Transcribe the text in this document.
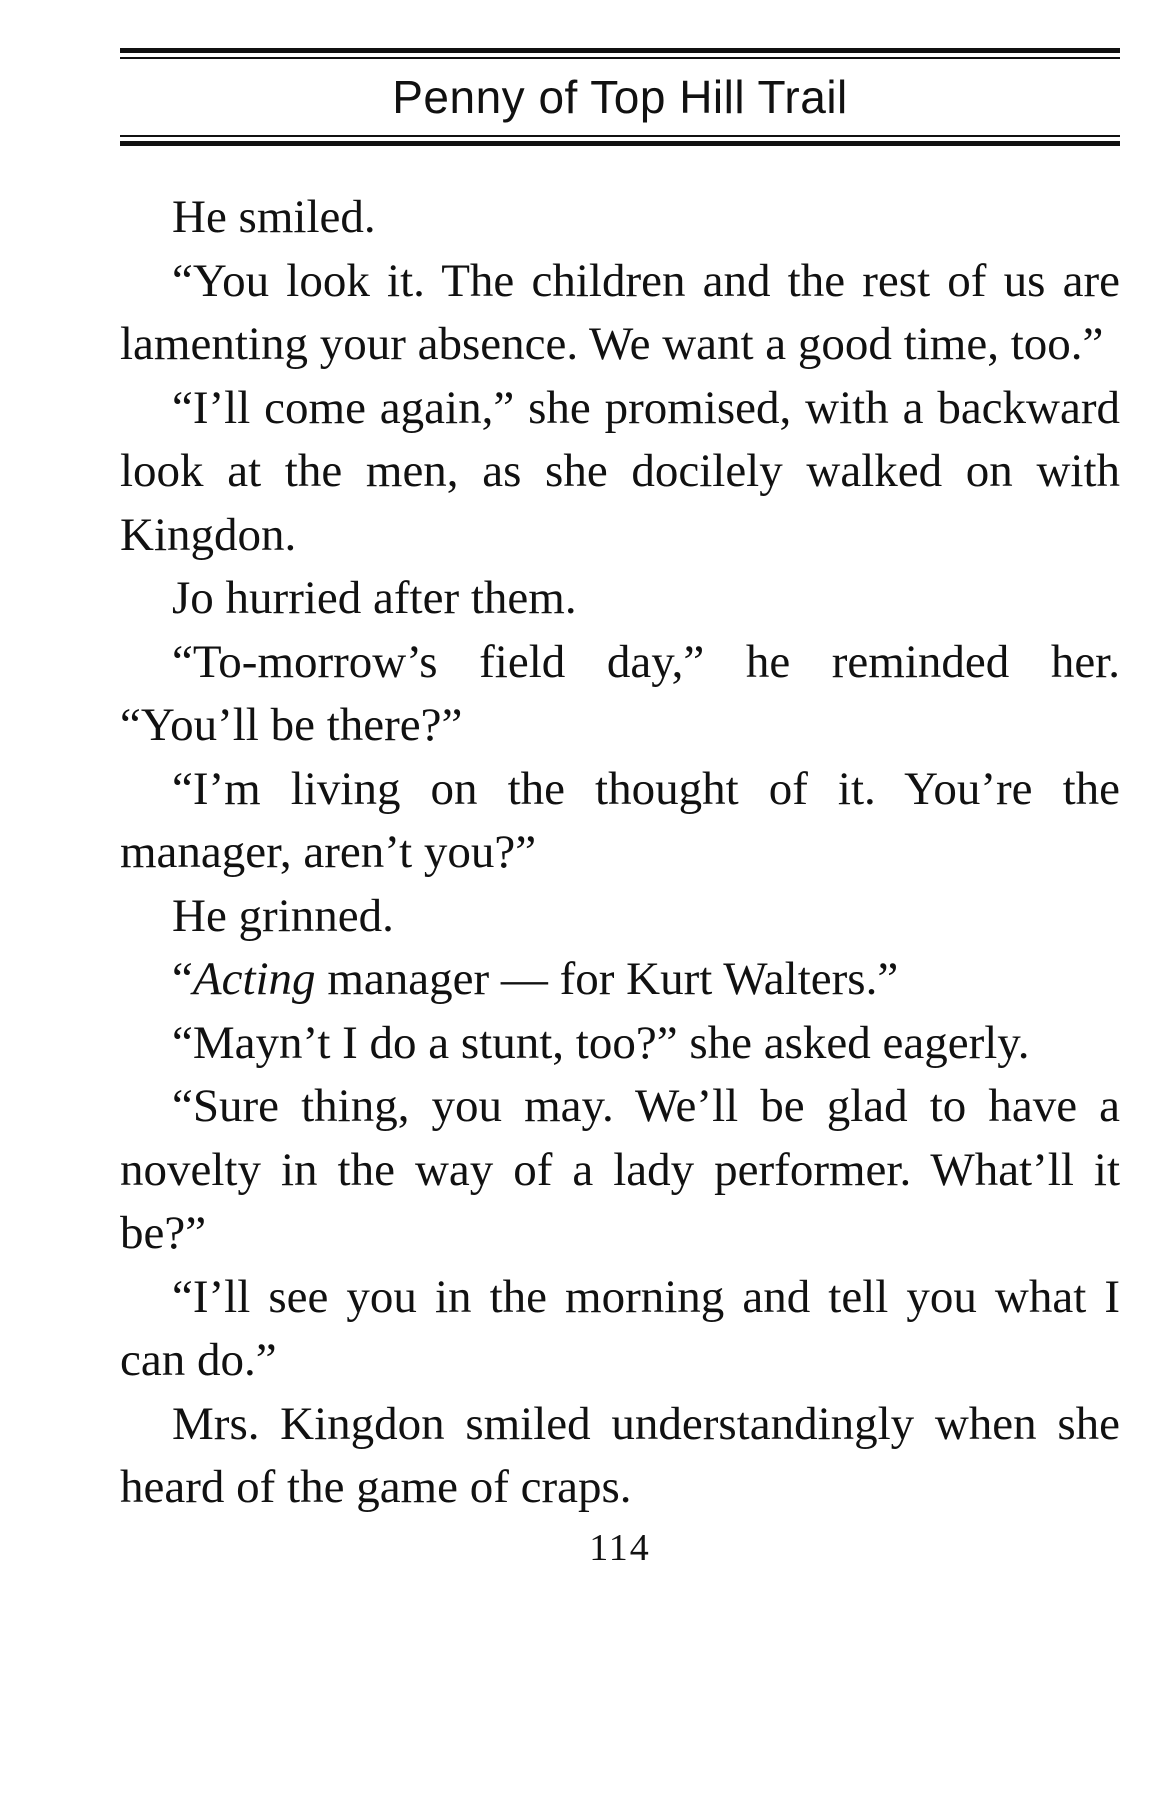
Penny of Top Hill Trail

He smiled.

“You look it. The children and the rest of us are lamenting your absence. We want a good time, too.”

“I’ll come again,” she promised, with a backward look at the men, as she docilely walked on with Kingdon.

Jo hurried after them.

“To-morrow’s field day,” he reminded her. “You’ll be there?”

“I’m living on the thought of it. You’re the manager, aren’t you?”

He grinned.

“Acting manager — for Kurt Walters.”

“Mayn’t I do a stunt, too?” she asked eagerly.

“Sure thing, you may. We’ll be glad to have a novelty in the way of a lady performer. What’ll it be?”

“I’ll see you in the morning and tell you what I can do.”

Mrs. Kingdon smiled understandingly when she heard of the game of craps.

114
